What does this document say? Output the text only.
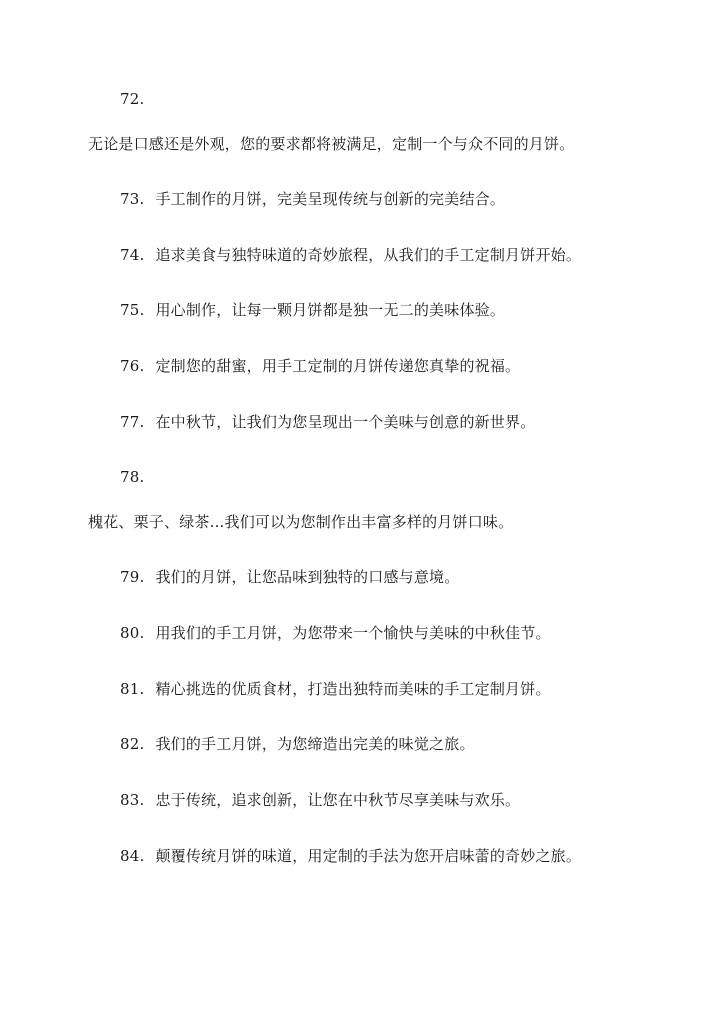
72.
无论是口感还是外观，您的要求都将被满足，定制一个与众不同的月饼。
73. 手工制作的月饼，完美呈现传统与创新的完美结合。
74. 追求美食与独特味道的奇妙旅程，从我们的手工定制月饼开始。
75. 用心制作，让每一颗月饼都是独一无二的美味体验。
76. 定制您的甜蜜，用手工定制的月饼传递您真挚的祝福。
77. 在中秋节，让我们为您呈现出一个美味与创意的新世界。
78.
槐花、栗子、绿茶...我们可以为您制作出丰富多样的月饼口味。
79. 我们的月饼，让您品味到独特的口感与意境。
80. 用我们的手工月饼，为您带来一个愉快与美味的中秋佳节。
81. 精心挑选的优质食材，打造出独特而美味的手工定制月饼。
82. 我们的手工月饼，为您缔造出完美的味觉之旅。
83. 忠于传统，追求创新，让您在中秋节尽享美味与欢乐。
84. 颠覆传统月饼的味道，用定制的手法为您开启味蕾的奇妙之旅。
